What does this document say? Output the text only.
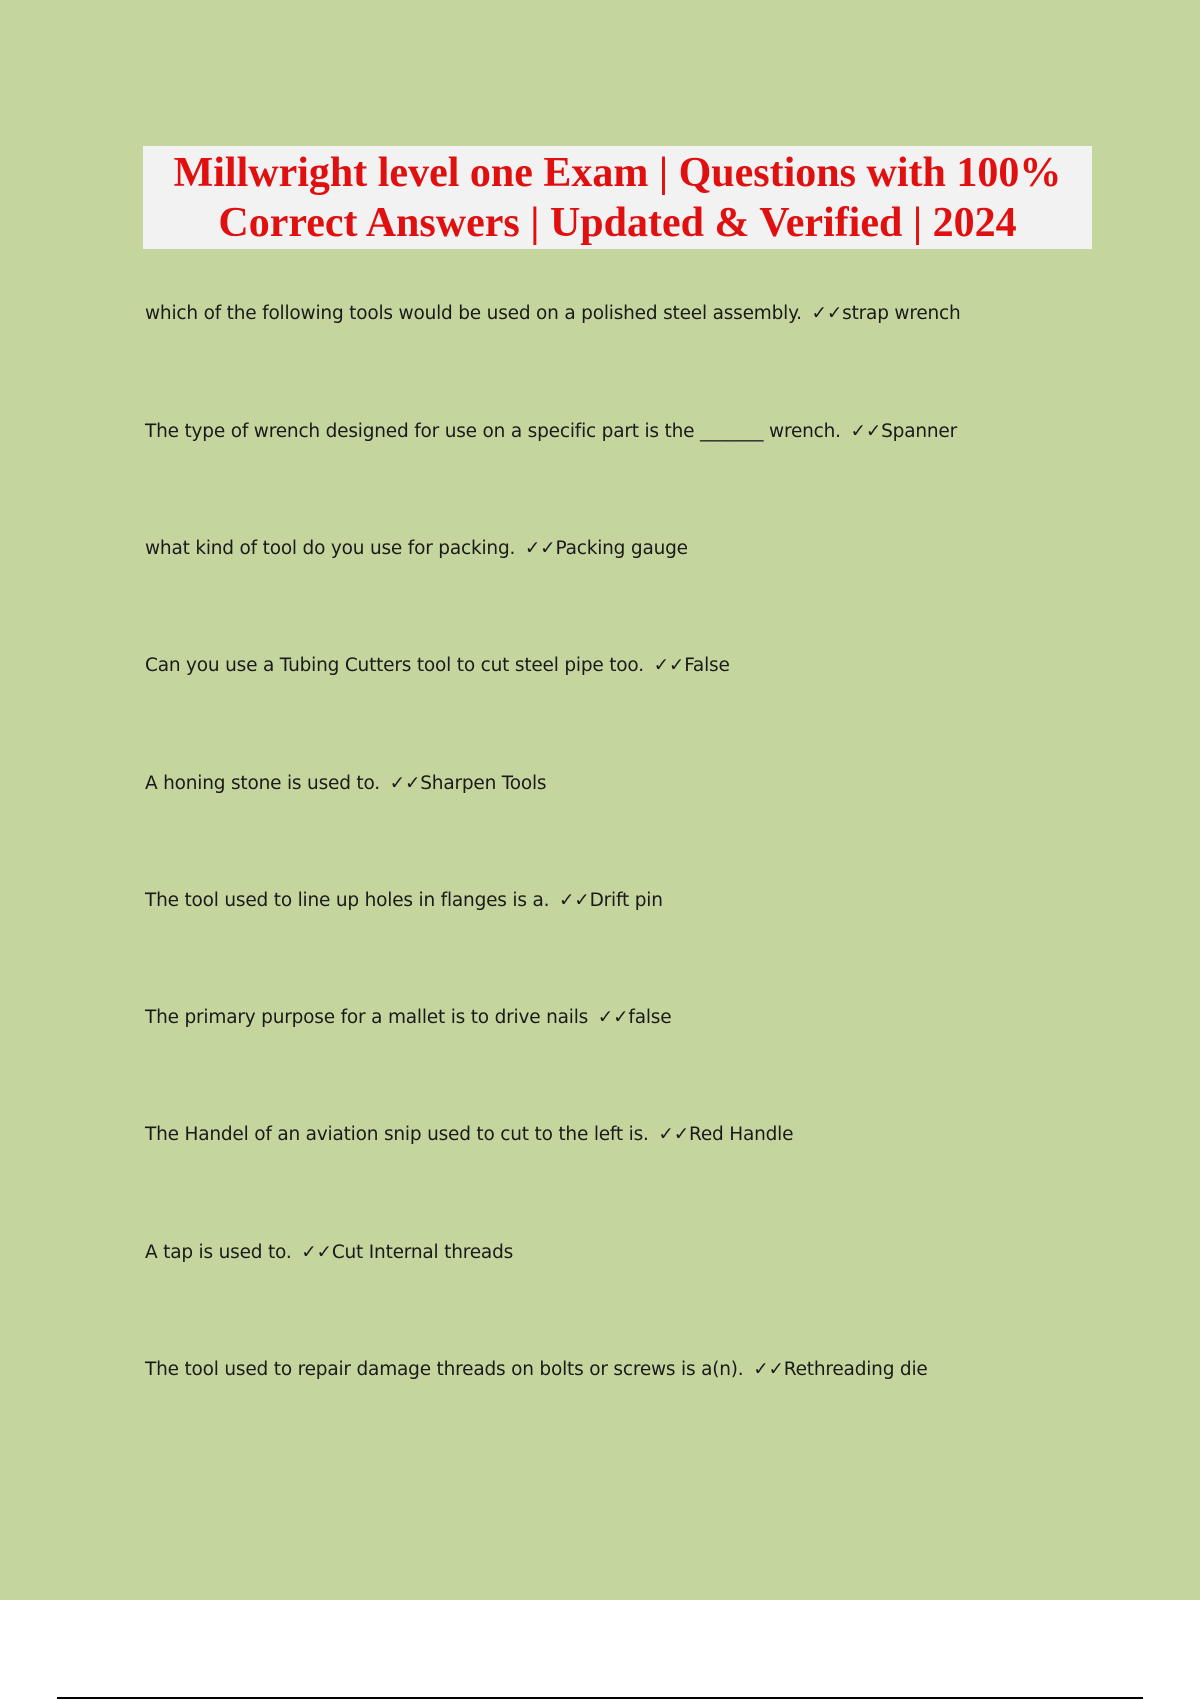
Millwright level one Exam | Questions with 100%
Correct Answers | Updated & Verified | 2024
which of the following tools would be used on a polished steel assembly. ✓✓strap wrench
The type of wrench designed for use on a specific part is the _______ wrench. ✓✓Spanner
what kind of tool do you use for packing. ✓✓Packing gauge
Can you use a Tubing Cutters tool to cut steel pipe too. ✓✓False
A honing stone is used to. ✓✓Sharpen Tools
The tool used to line up holes in flanges is a. ✓✓Drift pin
The primary purpose for a mallet is to drive nails ✓✓false
The Handel of an aviation snip used to cut to the left is. ✓✓Red Handle
A tap is used to. ✓✓Cut Internal threads
The tool used to repair damage threads on bolts or screws is a(n). ✓✓Rethreading die
